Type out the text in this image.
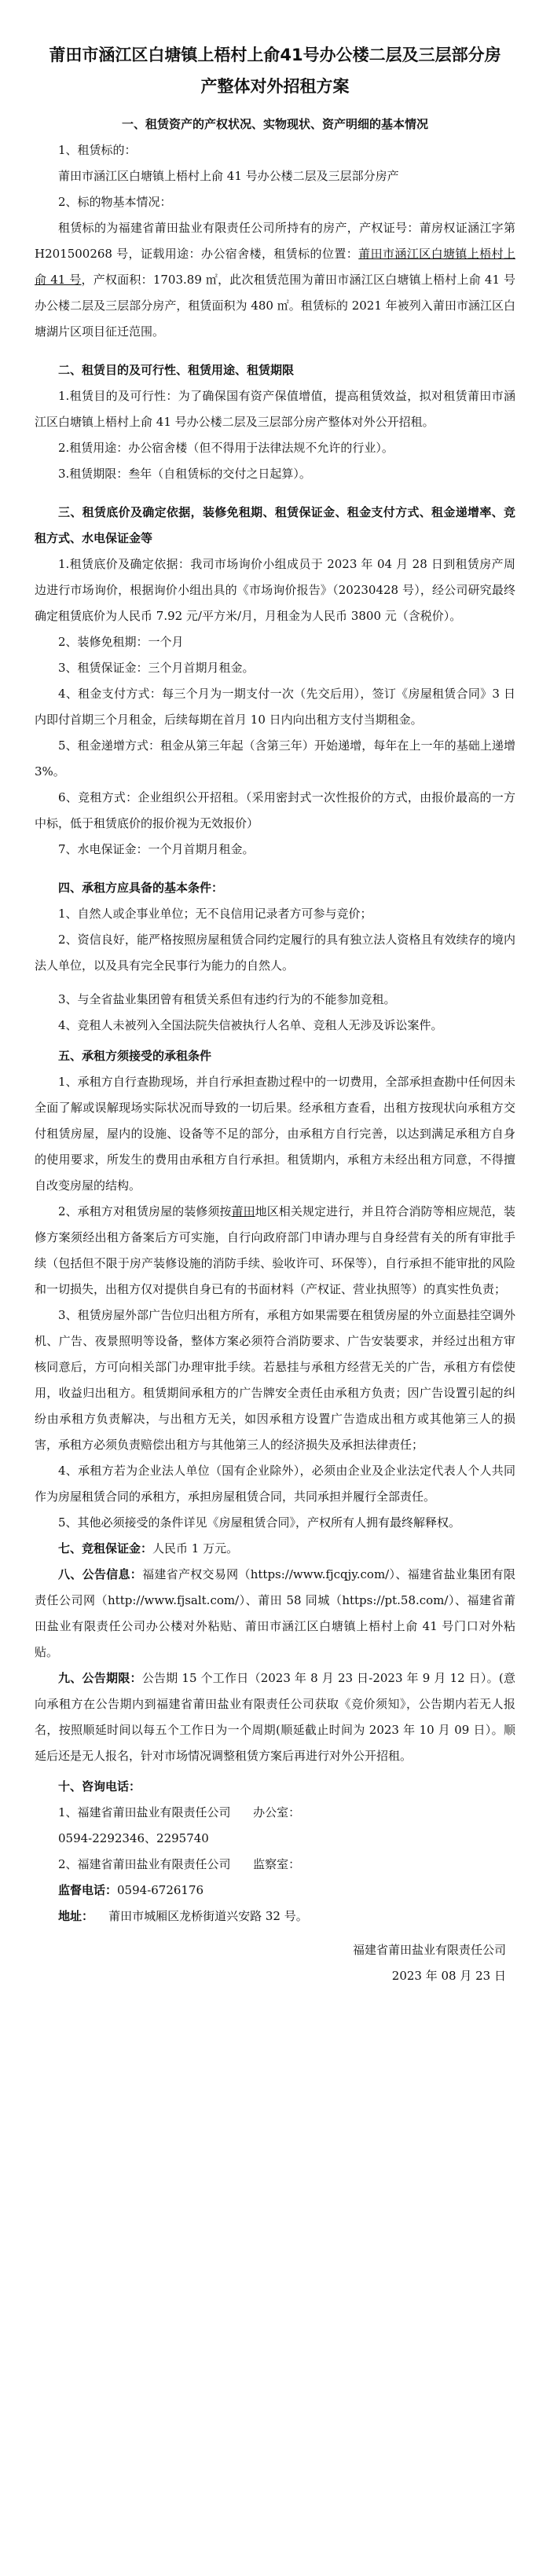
莆田市涵江区白塘镇上梧村上俞41号办公楼二层及三层部分房产整体对外招租方案
一、租赁资产的产权状况、实物现状、资产明细的基本情况

1、租赁标的：

莆田市涵江区白塘镇上梧村上俞 41 号办公楼二层及三层部分房产

2、标的物基本情况：

租赁标的为福建省莆田盐业有限责任公司所持有的房产，产权证号：莆房权证涵江字第 H201500268 号，证载用途：办公宿舍楼，租赁标的位置：莆田市涵江区白塘镇上梧村上俞 41 号，产权面积：1703.89 ㎡，此次租赁范围为莆田市涵江区白塘镇上梧村上俞 41 号办公楼二层及三层部分房产，租赁面积为 480 ㎡。租赁标的 2021 年被列入莆田市涵江区白塘湖片区项目征迁范围。

二、租赁目的及可行性、租赁用途、租赁期限

1.租赁目的及可行性：为了确保国有资产保值增值，提高租赁效益，拟对租赁莆田市涵江区白塘镇上梧村上俞 41 号办公楼二层及三层部分房产整体对外公开招租。

2.租赁用途：办公宿舍楼（但不得用于法律法规不允许的行业）。

3.租赁期限：叁年（自租赁标的交付之日起算）。

三、租赁底价及确定依据，装修免租期、租赁保证金、租金支付方式、租金递增率、竞租方式、水电保证金等

1.租赁底价及确定依据：我司市场询价小组成员于 2023 年 04 月 28 日到租赁房产周边进行市场询价，根据询价小组出具的《市场询价报告》（20230428 号），经公司研究最终确定租赁底价为人民币 7.92 元/平方米/月，月租金为人民币 3800 元（含税价）。

2、装修免租期：一个月

3、租赁保证金：三个月首期月租金。

4、租金支付方式：每三个月为一期支付一次（先交后用），签订《房屋租赁合同》3 日内即付首期三个月租金，后续每期在首月 10 日内向出租方支付当期租金。

5、租金递增方式：租金从第三年起（含第三年）开始递增，每年在上一年的基础上递增 3%。

6、竞租方式：企业组织公开招租。（采用密封式一次性报价的方式，由报价最高的一方中标，低于租赁底价的报价视为无效报价）

7、水电保证金：一个月首期月租金。

四、承租方应具备的基本条件：

1、自然人或企事业单位；无不良信用记录者方可参与竞价；

2、资信良好，能严格按照房屋租赁合同约定履行的具有独立法人资格且有效续存的境内法人单位，以及具有完全民事行为能力的自然人。

3、与全省盐业集团曾有租赁关系但有违约行为的不能参加竞租。

4、竞租人未被列入全国法院失信被执行人名单、竞租人无涉及诉讼案件。

五、承租方须接受的承租条件

1、承租方自行查勘现场，并自行承担查勘过程中的一切费用，全部承担查勘中任何因未全面了解或误解现场实际状况而导致的一切后果。经承租方查看，出租方按现状向承租方交付租赁房屋，屋内的设施、设备等不足的部分，由承租方自行完善，以达到满足承租方自身的使用要求，所发生的费用由承租方自行承担。租赁期内，承租方未经出租方同意，不得擅自改变房屋的结构。

2、承租方对租赁房屋的装修须按莆田地区相关规定进行，并且符合消防等相应规范，装修方案须经出租方备案后方可实施，自行向政府部门申请办理与自身经营有关的所有审批手续（包括但不限于房产装修设施的消防手续、验收许可、环保等），自行承担不能审批的风险和一切损失，出租方仅对提供自身已有的书面材料（产权证、营业执照等）的真实性负责；

3、租赁房屋外部广告位归出租方所有，承租方如果需要在租赁房屋的外立面悬挂空调外机、广告、夜景照明等设备，整体方案必须符合消防要求、广告安装要求，并经过出租方审核同意后，方可向相关部门办理审批手续。若悬挂与承租方经营无关的广告，承租方有偿使用，收益归出租方。租赁期间承租方的广告牌安全责任由承租方负责；因广告设置引起的纠纷由承租方负责解决，与出租方无关，如因承租方设置广告造成出租方或其他第三人的损害，承租方必须负责赔偿出租方与其他第三人的经济损失及承担法律责任；

4、承租方若为企业法人单位（国有企业除外），必须由企业及企业法定代表人个人共同作为房屋租赁合同的承租方，承担房屋租赁合同，共同承担并履行全部责任。

5、其他必须接受的条件详见《房屋租赁合同》，产权所有人拥有最终解释权。

七、竞租保证金：人民币 1 万元。

八、公告信息：福建省产权交易网（https://www.fjcqjy.com/）、福建省盐业集团有限责任公司网（http://www.fjsalt.com/）、莆田 58 同城（https://pt.58.com/）、福建省莆田盐业有限责任公司办公楼对外粘贴、莆田市涵江区白塘镇上梧村上俞 41 号门口对外粘贴。

九、公告期限：公告期 15 个工作日（2023 年 8 月 23 日-2023 年 9 月 12 日）。(意向承租方在公告期内到福建省莆田盐业有限责任公司获取《竞价须知》，公告期内若无人报名，按照顺延时间以每五个工作日为一个周期(顺延截止时间为 2023 年 10 月 09 日）。顺延后还是无人报名，针对市场情况调整租赁方案后再进行对外公开招租。

十、咨询电话：

1、福建省莆田盐业有限责任公司 办公室：

0594-2292346、2295740

2、福建省莆田盐业有限责任公司 监察室：

监督电话：0594-6726176

地址： 莆田市城厢区龙桥街道兴安路 32 号。

福建省莆田盐业有限责任公司

2023 年 08 月 23 日
